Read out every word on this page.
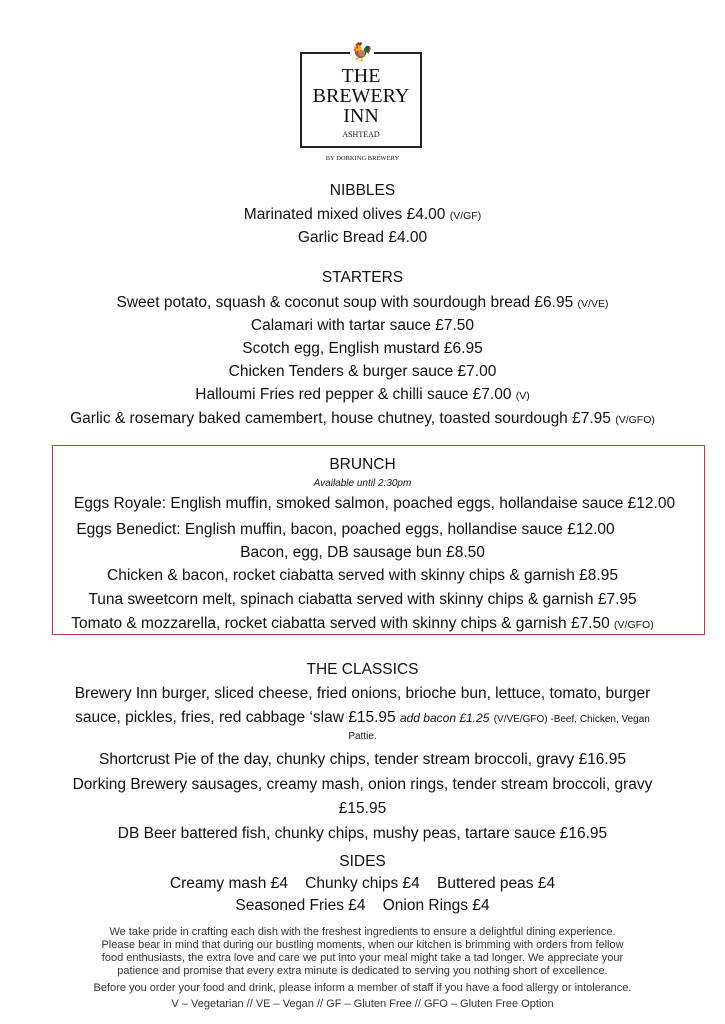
🐓
THE
BREWERY
INN
ASHTEAD
BY DORKING BREWERY
NIBBLES
Marinated mixed olives £4.00 (V/GF)
Garlic Bread £4.00
STARTERS
Sweet potato, squash & coconut soup with sourdough bread £6.95 (V/VE)
Calamari with tartar sauce £7.50
Scotch egg, English mustard £6.95
Chicken Tenders & burger sauce £7.00
Halloumi Fries red pepper & chilli sauce £7.00 (V)
Garlic & rosemary baked camembert, house chutney, toasted sourdough £7.95 (V/GFO)
BRUNCH
Available until 2:30pm
Eggs Royale: English muffin, smoked salmon, poached eggs, hollandaise sauce £12.00
Eggs Benedict: English muffin, bacon, poached eggs, hollandise sauce £12.00
Bacon, egg, DB sausage bun £8.50
Chicken & bacon, rocket ciabatta served with skinny chips & garnish £8.95
Tuna sweetcorn melt, spinach ciabatta served with skinny chips & garnish £7.95
Tomato & mozzarella, rocket ciabatta served with skinny chips & garnish £7.50 (V/GFO)
THE CLASSICS
Brewery Inn burger, sliced cheese, fried onions, brioche bun, lettuce, tomato, burger
sauce, pickles, fries, red cabbage ‘slaw £15.95 add bacon £1.25 (V/VE/GFO) -Beef, Chicken, Vegan
Pattie.
Shortcrust Pie of the day, chunky chips, tender stream broccoli, gravy £16.95
Dorking Brewery sausages, creamy mash, onion rings, tender stream broccoli, gravy
£15.95
DB Beer battered fish, chunky chips, mushy peas, tartare sauce £16.95
SIDES
Creamy mash £4 Chunky chips £4 Buttered peas £4
Seasoned Fries £4 Onion Rings £4
We take pride in crafting each dish with the freshest ingredients to ensure a delightful dining experience.
Please bear in mind that during our bustling moments, when our kitchen is brimming with orders from fellow
food enthusiasts, the extra love and care we put into your meal might take a tad longer. We appreciate your
patience and promise that every extra minute is dedicated to serving you nothing short of excellence.
Before you order your food and drink, please inform a member of staff if you have a food allergy or intolerance.
V – Vegetarian // VE – Vegan // GF – Gluten Free // GFO – Gluten Free Option
